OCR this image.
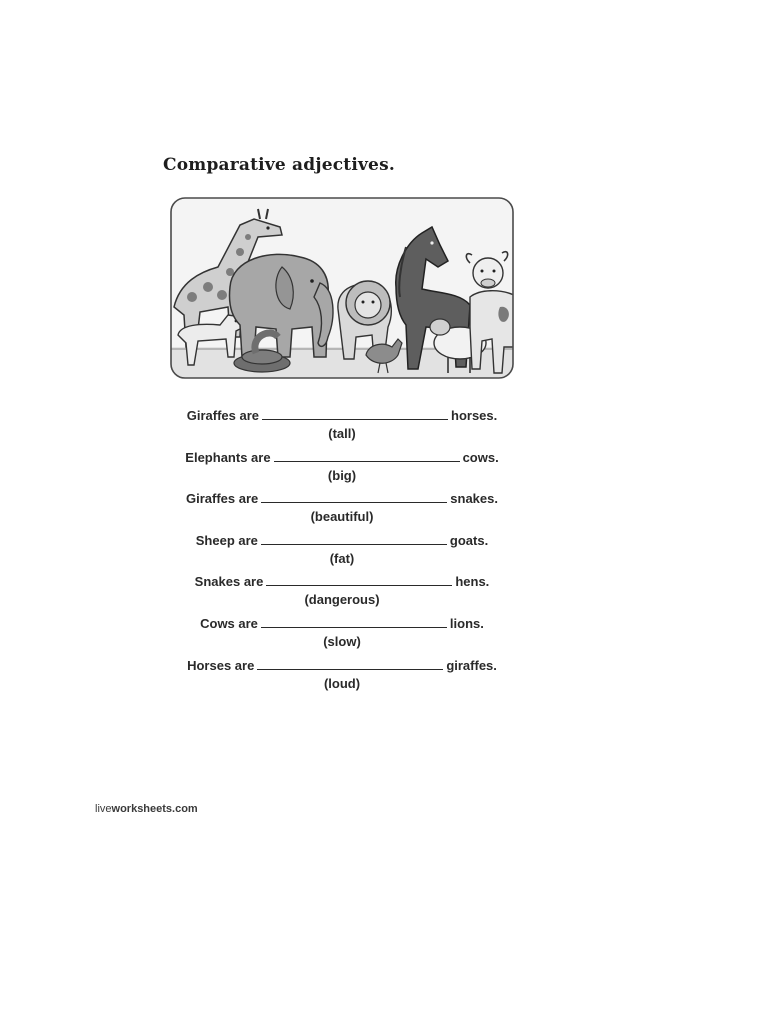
Comparative adjectives.
Giraffes are	horses.
(tall)
Elephants are	cows.
(big)
Giraffes are	snakes.
(beautiful)
Sheep are	goats.
(fat)
Snakes are	hens.
(dangerous)
Cows are	lions.
(slow)
Horses are	giraffes.
(loud)
liveworksheets.com
